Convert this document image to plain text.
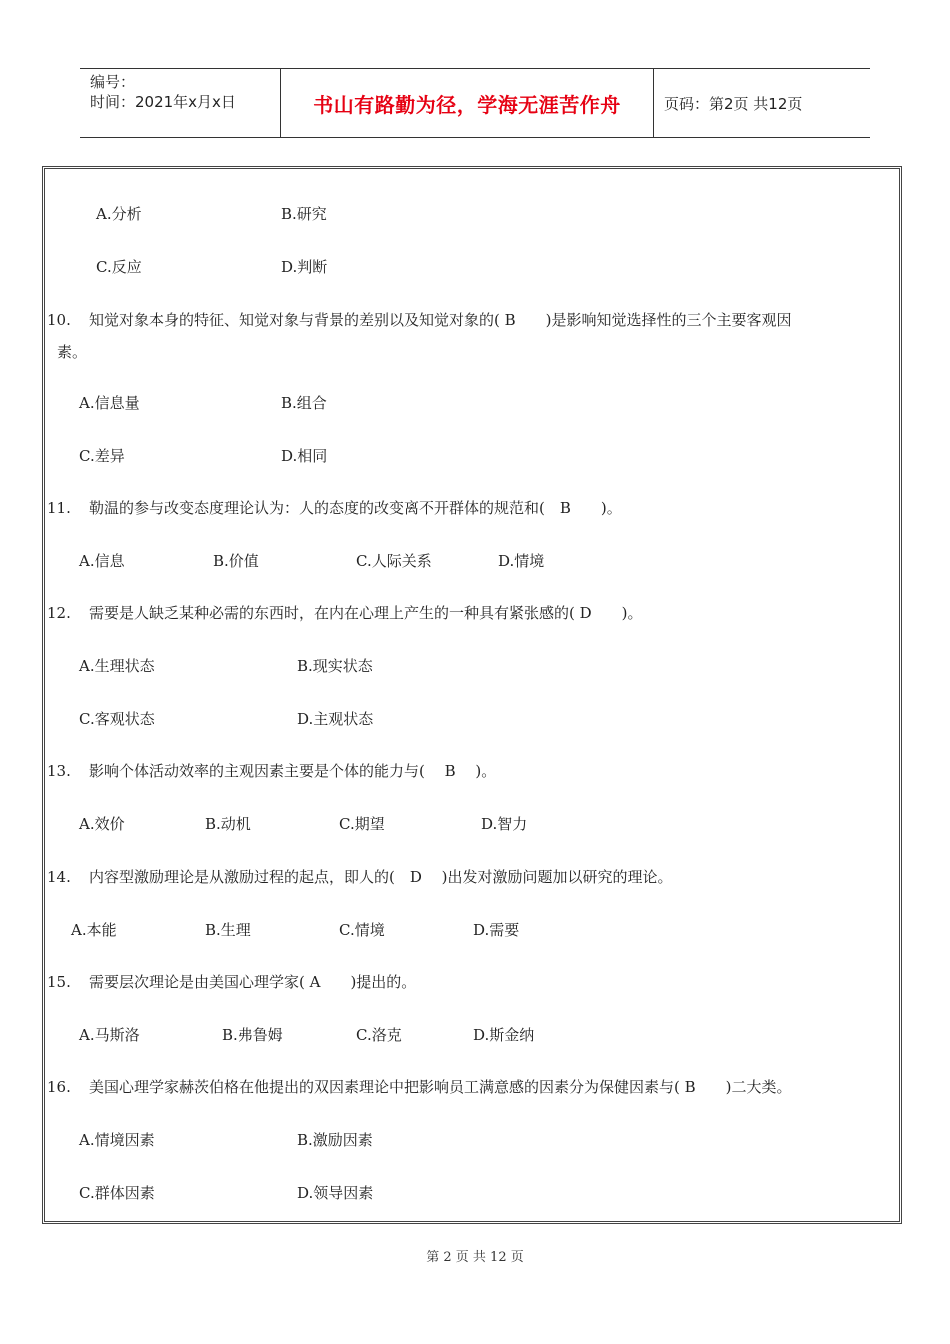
编号：
时间：2021年x月x日	书山有路勤为径，学海无涯苦作舟	页码：第2页 共12页
A.分析	B.研究
C.反应	D.判断
10. 知觉对象本身的特征、知觉对象与背景的差别以及知觉对象的( B　　)是影响知觉选择性的三个主要客观因
素。
A.信息量	B.组合
C.差异	D.相同
11. 勒温的参与改变态度理论认为：人的态度的改变离不开群体的规范和(　B　　)。
A.信息	B.价值	C.人际关系	D.情境
12. 需要是人缺乏某种必需的东西时，在内在心理上产生的一种具有紧张感的( D　　)。
A.生理状态	B.现实状态
C.客观状态	D.主观状态
13. 影响个体活动效率的主观因素主要是个体的能力与(　 B　 )。
A.效价	B.动机	C.期望	D.智力
14. 内容型激励理论是从激励过程的起点，即人的(　D　 )出发对激励问题加以研究的理论。
A.本能	B.生理	C.情境	D.需要
15. 需要层次理论是由美国心理学家( A　　)提出的。
A.马斯洛	B.弗鲁姆	C.洛克	D.斯金纳
16. 美国心理学家赫茨伯格在他提出的双因素理论中把影响员工满意感的因素分为保健因素与( B　　)二大类。
A.情境因素	B.激励因素
C.群体因素	D.领导因素
第 2 页 共 12 页
